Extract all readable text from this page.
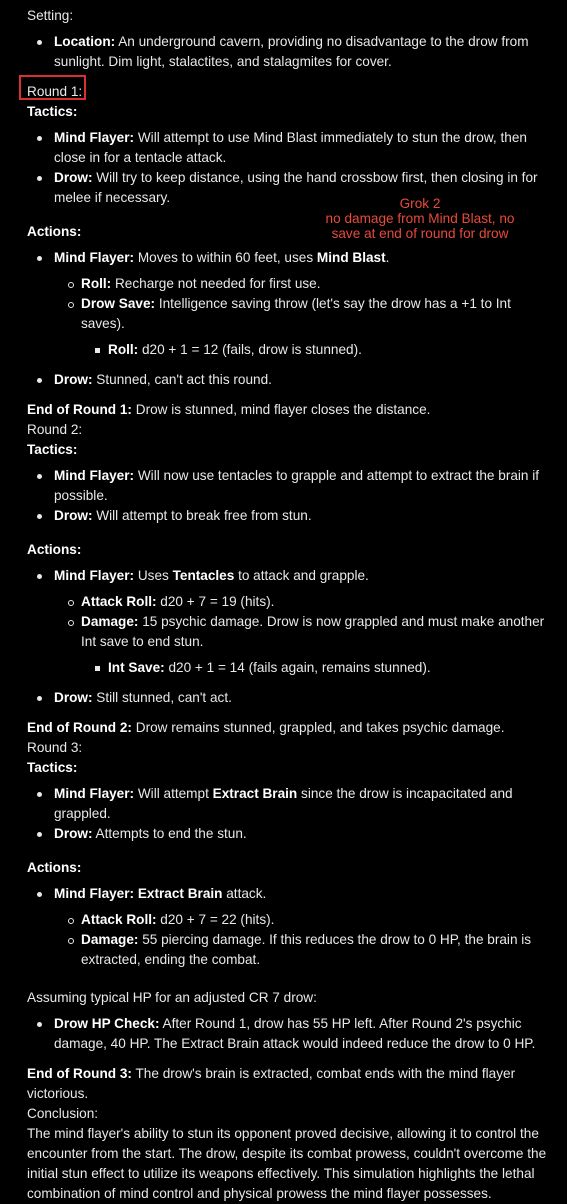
Setting:

Location: An underground cavern, providing no disadvantage to the drow from sunlight. Dim light, stalactites, and stalagmites for cover.

Round 1:

Tactics:

Mind Flayer: Will attempt to use Mind Blast immediately to stun the drow, then close in for a tentacle attack.
Drow: Will try to keep distance, using the hand crossbow first, then closing in for melee if necessary.

Actions:

Mind Flayer: Moves to within 60 feet, uses Mind Blast.
Roll: Recharge not needed for first use.
Drow Save: Intelligence saving throw (let's say the drow has a +1 to Int saves).
Roll: d20 + 1 = 12 (fails, drow is stunned).
Drow: Stunned, can't act this round.

End of Round 1: Drow is stunned, mind flayer closes the distance.

Round 2:

Tactics:

Mind Flayer: Will now use tentacles to grapple and attempt to extract the brain if possible.
Drow: Will attempt to break free from stun.

Actions:

Mind Flayer: Uses Tentacles to attack and grapple.
Attack Roll: d20 + 7 = 19 (hits).
Damage: 15 psychic damage. Drow is now grappled and must make another Int save to end stun.
Int Save: d20 + 1 = 14 (fails again, remains stunned).
Drow: Still stunned, can't act.

End of Round 2: Drow remains stunned, grappled, and takes psychic damage.

Round 3:

Tactics:

Mind Flayer: Will attempt Extract Brain since the drow is incapacitated and grappled.
Drow: Attempts to end the stun.

Actions:

Mind Flayer: Extract Brain attack.
Attack Roll: d20 + 7 = 22 (hits).
Damage: 55 piercing damage. If this reduces the drow to 0 HP, the brain is extracted, ending the combat.

Assuming typical HP for an adjusted CR 7 drow:

Drow HP Check: After Round 1, drow has 55 HP left. After Round 2's psychic damage, 40 HP. The Extract Brain attack would indeed reduce the drow to 0 HP.

End of Round 3: The drow's brain is extracted, combat ends with the mind flayer victorious.

Conclusion:

The mind flayer's ability to stun its opponent proved decisive, allowing it to control the encounter from the start. The drow, despite its combat prowess, couldn't overcome the initial stun effect to utilize its weapons effectively. This simulation highlights the lethal combination of mind control and physical prowess the mind flayer possesses.

Grok 2
no damage from Mind Blast, no
save at end of round for drow
